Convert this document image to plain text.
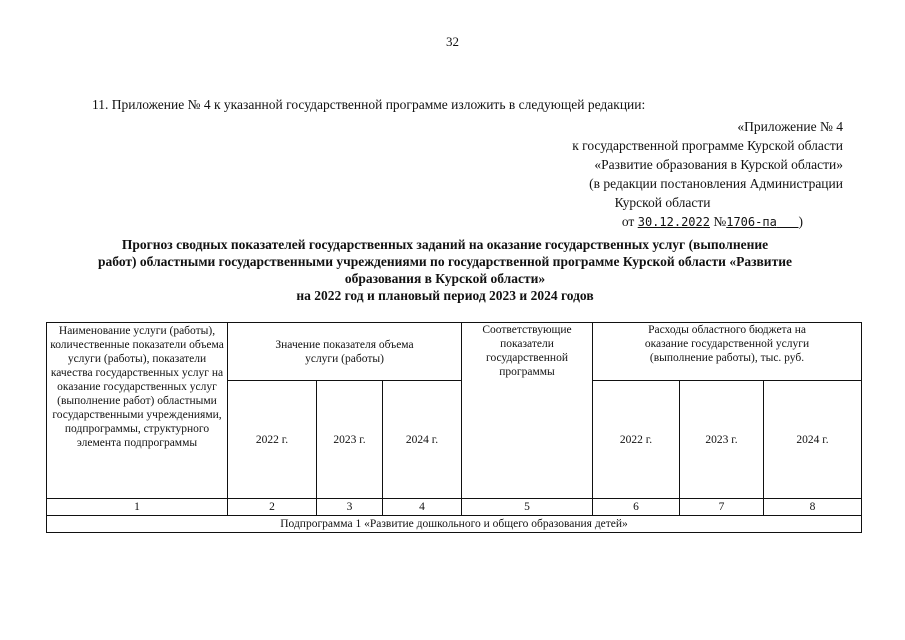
32
11. Приложение № 4 к указанной государственной программе изложить в следующей редакции:
«Приложение № 4
к государственной программе Курской области
«Развитие образования в Курской области»
(в редакции постановления Администрации
Курской области
от 30.12.2022 №1706-па )
Прогноз сводных показателей государственных заданий на оказание государственных услуг (выполнение
работ) областными государственными учреждениями по государственной программе Курской области «Развитие
образования в Курской области»
на 2022 год и плановый период 2023 и 2024 годов
Наименование услуги (работы), количественные показатели объема услуги (работы), показатели качества государственных услуг на оказание государственных услуг (выполнение работ) областными государственными учреждениями, подпрограммы, структурного элемента подпрограммы	Значение показателя объема услуги (работы)			Соответствующие показатели государственной программы	Расходы областного бюджета на оказание государственной услуги (выполнение работы), тыс. руб.		
	2022 г.	2023 г.	2024 г.		2022 г.	2023 г.	2024 г.
1	2	3	4	5	6	7	8
Подпрограмма 1 «Развитие дошкольного и общего образования детей»							
